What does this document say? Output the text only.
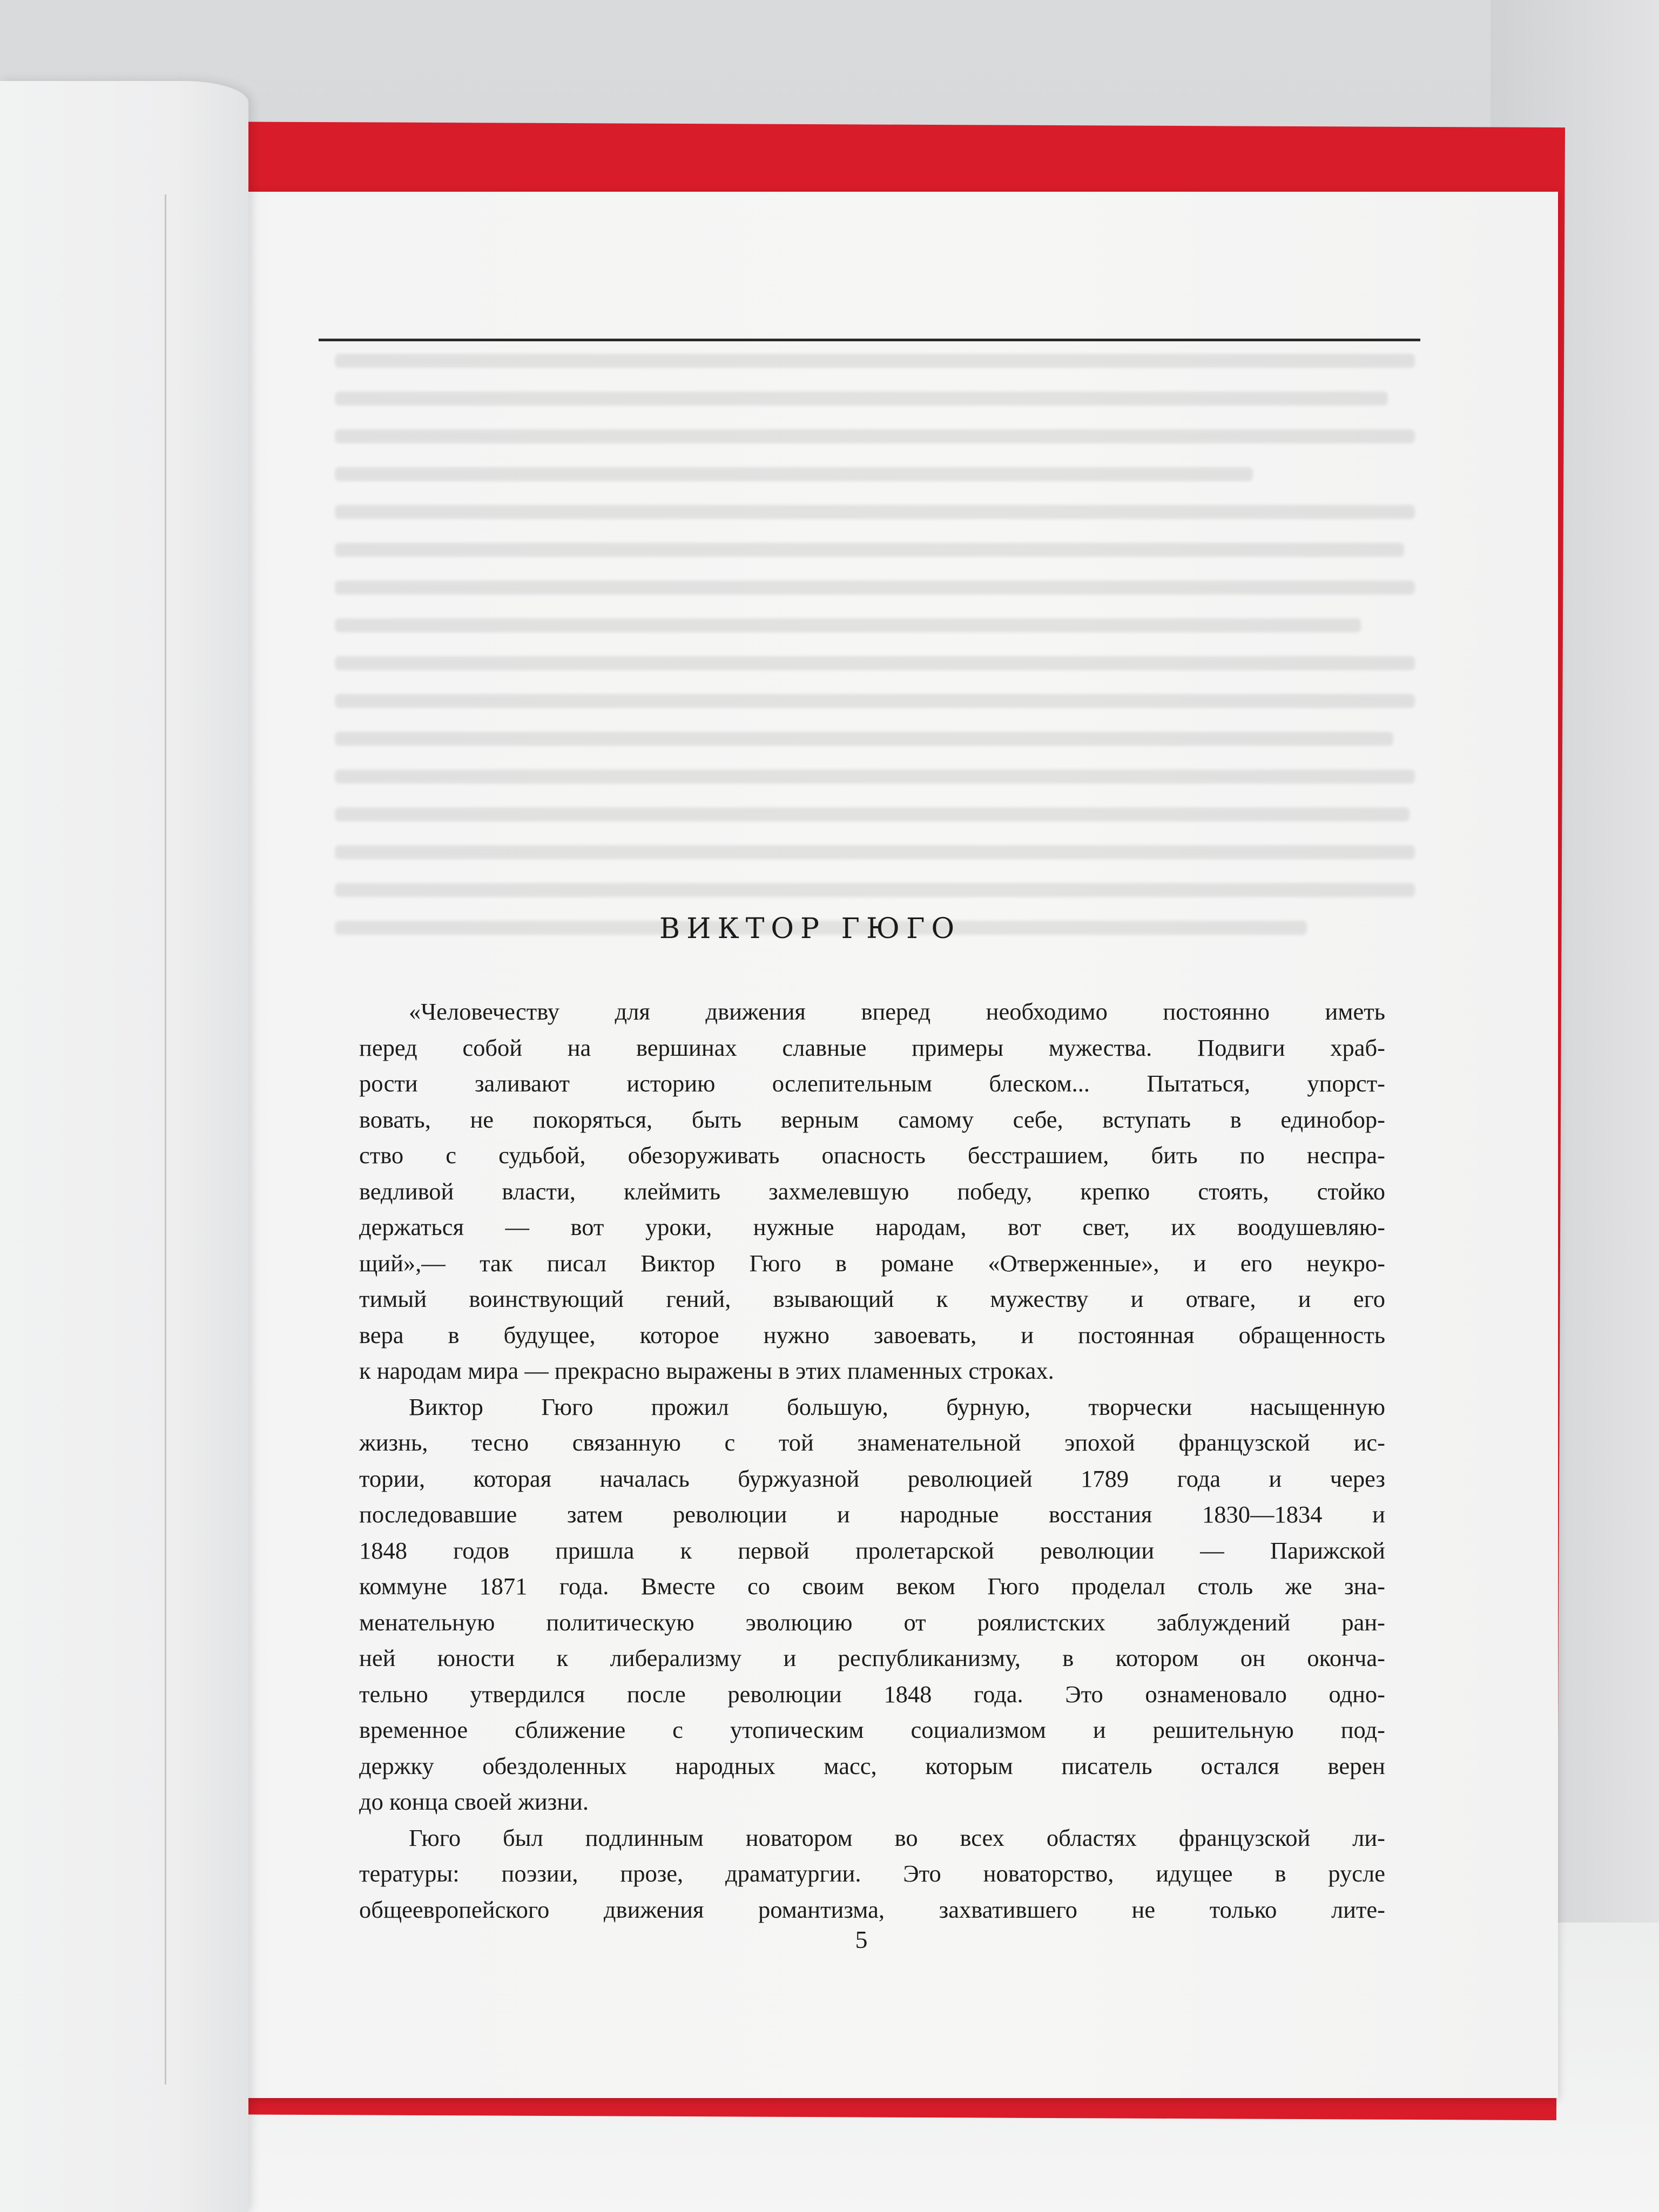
ВИКТОР ГЮГО
«Человечеству для движения вперед необходимо постоянно иметь
перед собой на вершинах славные примеры мужества. Подвиги храб-
рости заливают историю ослепительным блеском... Пытаться, упорст-
вовать, не покоряться, быть верным самому себе, вступать в единобор-
ство с судьбой, обезоруживать опасность бесстрашием, бить по неспра-
ведливой власти, клеймить захмелевшую победу, крепко стоять, стойко
держаться — вот уроки, нужные народам, вот свет, их воодушевляю-
щий»,— так писал Виктор Гюго в романе «Отверженные», и его неукро-
тимый воинствующий гений, взывающий к мужеству и отваге, и его
вера в будущее, которое нужно завоевать, и постоянная обращенность
к народам мира — прекрасно выражены в этих пламенных строках.
Виктор Гюго прожил большую, бурную, творчески насыщенную
жизнь, тесно связанную с той знаменательной эпохой французской ис-
тории, которая началась буржуазной революцией 1789 года и через
последовавшие затем революции и народные восстания 1830—1834 и
1848 годов пришла к первой пролетарской революции — Парижской
коммуне 1871 года. Вместе со своим веком Гюго проделал столь же зна-
менательную политическую эволюцию от роялистских заблуждений ран-
ней юности к либерализму и республиканизму, в котором он оконча-
тельно утвердился после революции 1848 года. Это ознаменовало одно-
временное сближение с утопическим социализмом и решительную под-
держку обездоленных народных масс, которым писатель остался верен
до конца своей жизни.
Гюго был подлинным новатором во всех областях французской ли-
тературы: поэзии, прозе, драматургии. Это новаторство, идущее в русле
общеевропейского движения романтизма, захватившего не только лите-
5
